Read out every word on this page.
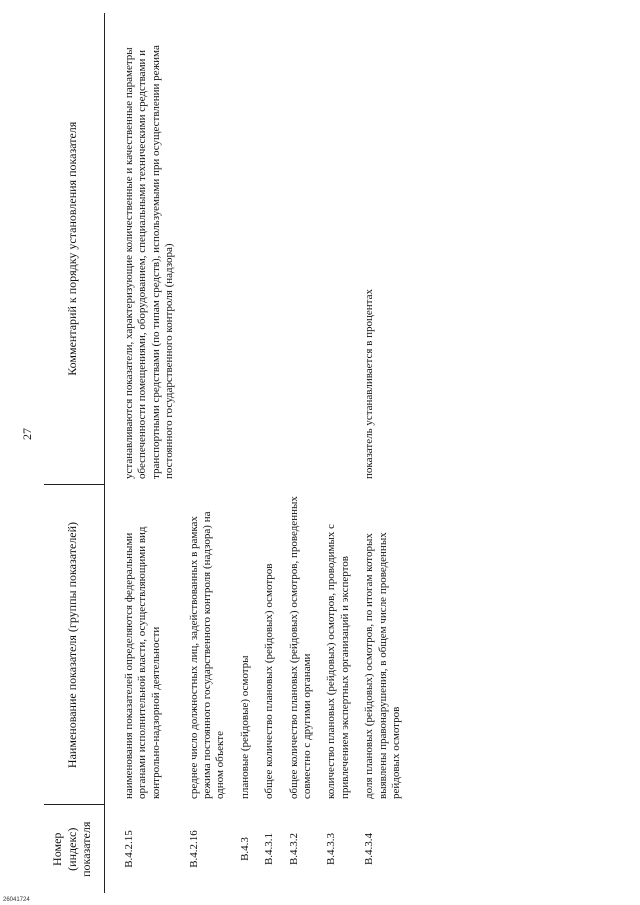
27
Номер (индекс) показателя	Наименование показателя (группы показателей)	Комментарий к порядку установления показателя
В.4.2.15	наименования показателей определяются федеральными органами исполнительной власти, осуществляющими вид контрольно-надзорной деятельности	устанавливаются показатели, характеризующие количественные и качественные параметры обеспеченности помещениями, оборудованием, специальными техническими средствами и транспортными средствами (по типам средств), используемыми при осуществлении режима постоянного государственного контроля (надзора)
В.4.2.16	среднее число должностных лиц, задействованных в рамках режима постоянного государственного контроля (надзора) на одном объекте	
В.4.3	плановые (рейдовые) осмотры	
В.4.3.1	общее количество плановых (рейдовых) осмотров	
В.4.3.2	общее количество плановых (рейдовых) осмотров, проведенных совместно с другими органами	
В.4.3.3	количество плановых (рейдовых) осмотров, проводимых с привлечением экспертных организаций и экспертов	
В.4.3.4	доля плановых (рейдовых) осмотров, по итогам которых выявлены правонарушения, в общем числе проведенных рейдовых осмотров	показатель устанавливается в процентах
26041724
